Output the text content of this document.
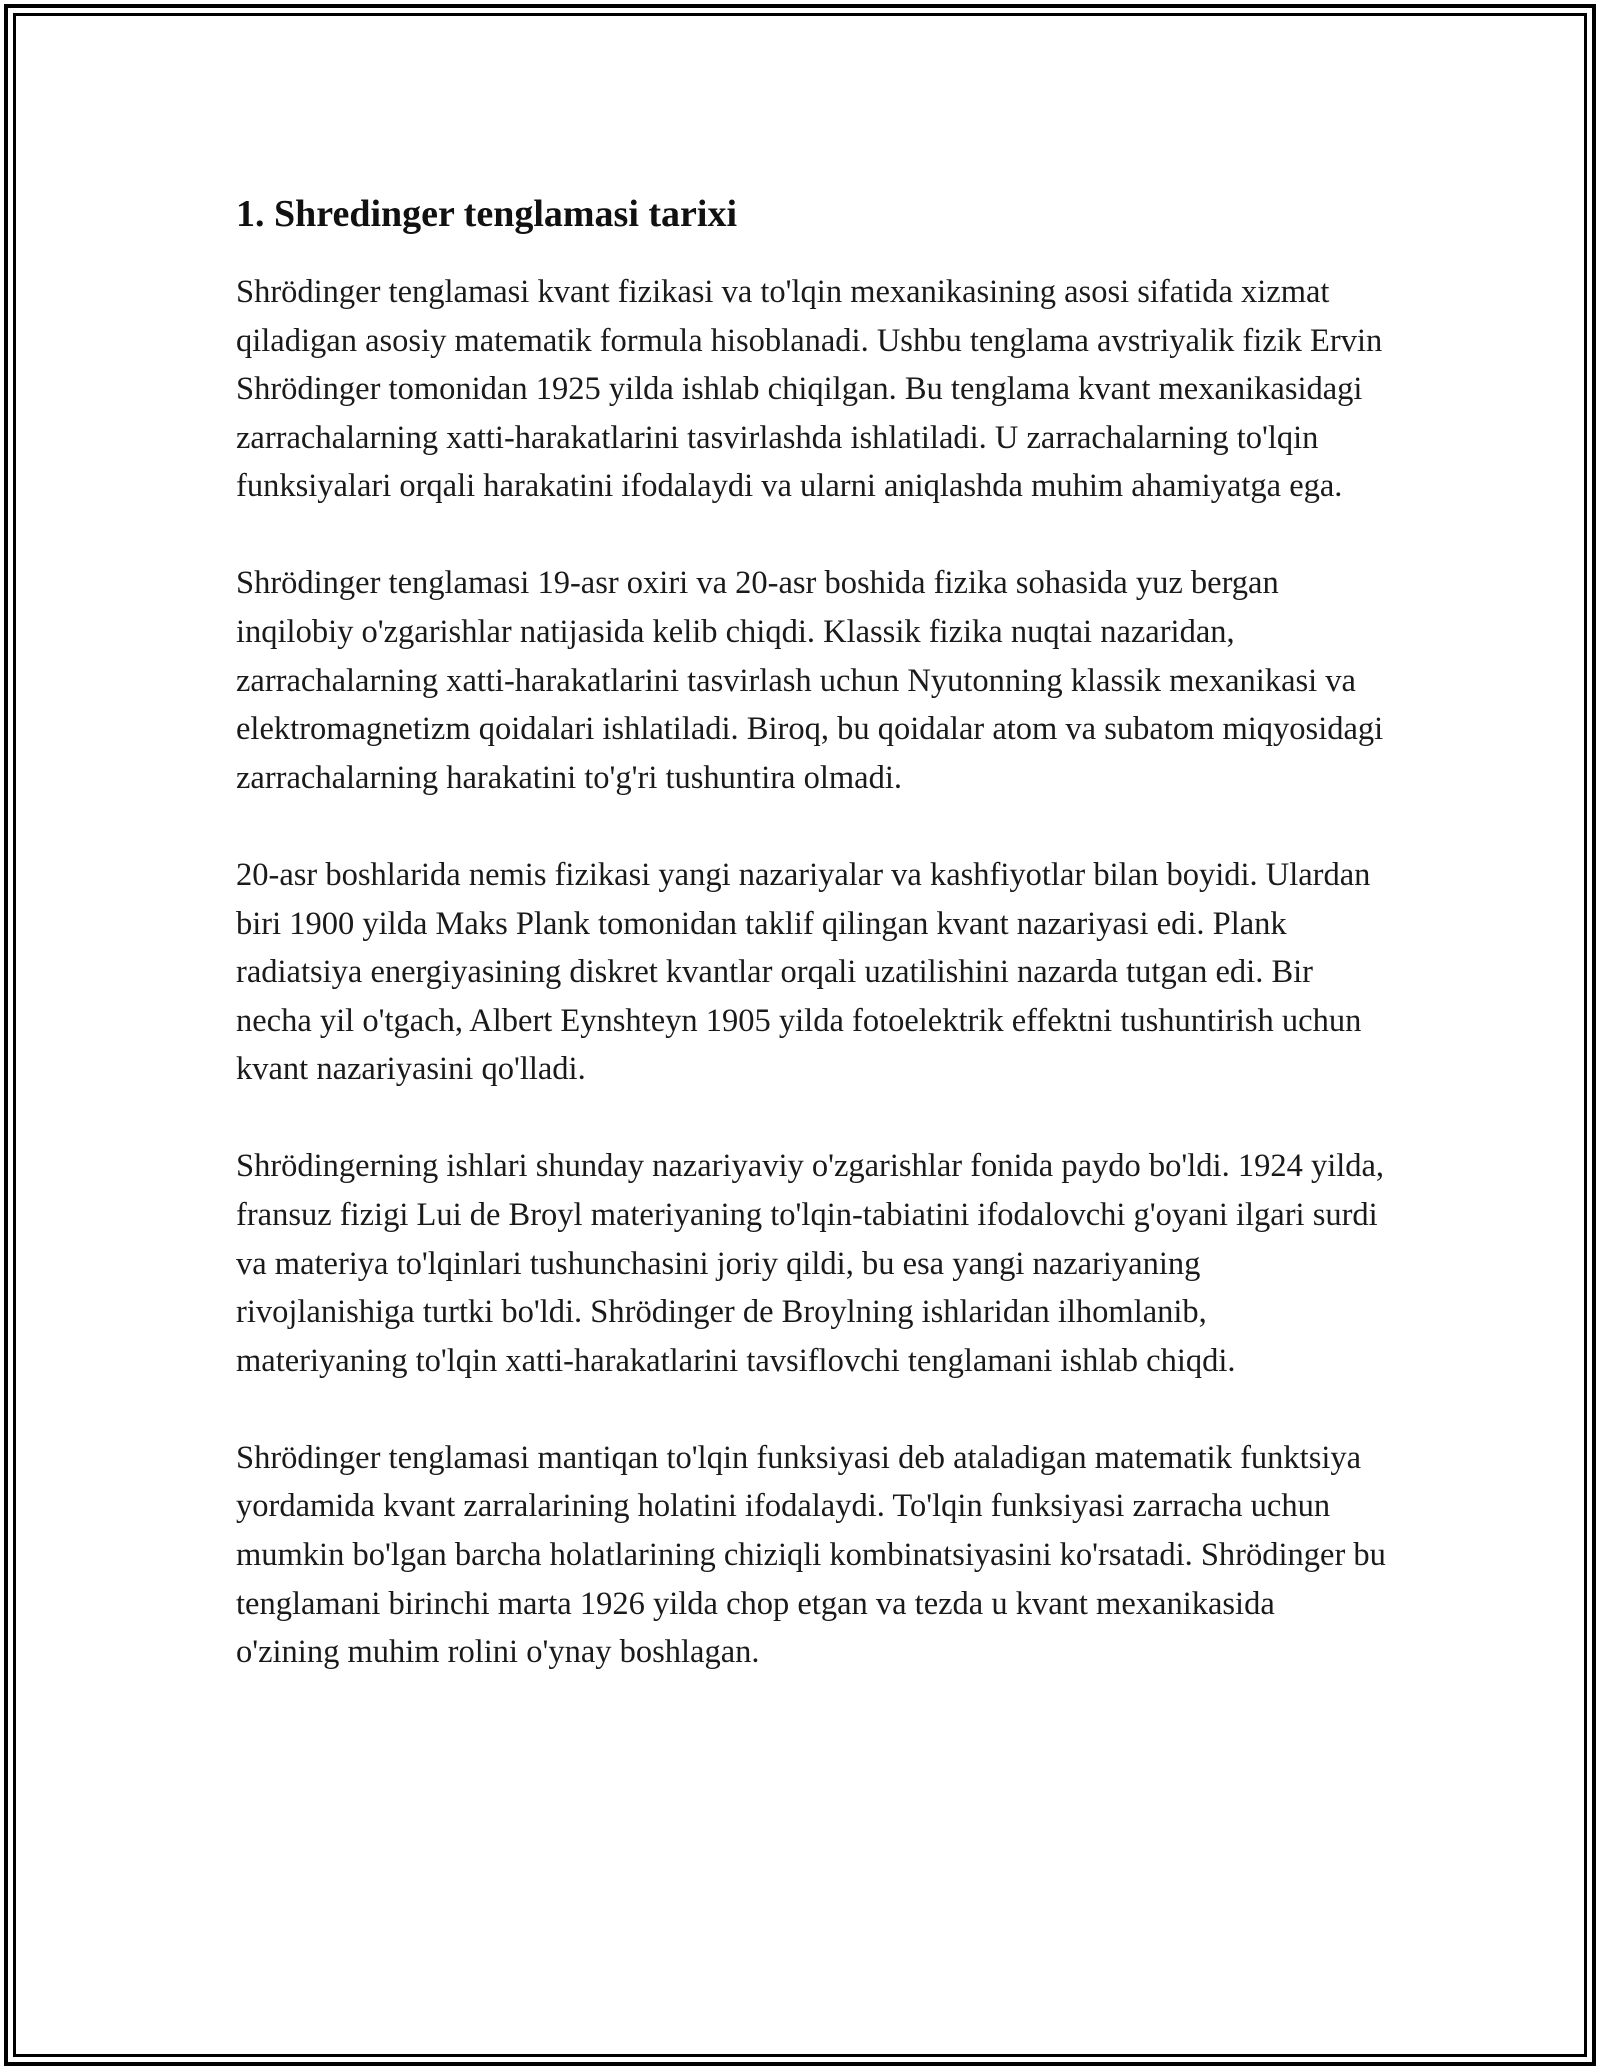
1. Shredinger tenglamasi tarixi

Shrödinger tenglamasi kvant fizikasi va to'lqin mexanikasining asosi sifatida xizmat qiladigan asosiy matematik formula hisoblanadi. Ushbu tenglama avstriyalik fizik Ervin Shrödinger tomonidan 1925 yilda ishlab chiqilgan. Bu tenglama kvant mexanikasidagi zarrachalarning xatti-harakatlarini tasvirlashda ishlatiladi. U zarrachalarning to'lqin funksiyalari orqali harakatini ifodalaydi va ularni aniqlashda muhim ahamiyatga ega.

Shrödinger tenglamasi 19-asr oxiri va 20-asr boshida fizika sohasida yuz bergan inqilobiy o'zgarishlar natijasida kelib chiqdi. Klassik fizika nuqtai nazaridan, zarrachalarning xatti-harakatlarini tasvirlash uchun Nyutonning klassik mexanikasi va elektromagnetizm qoidalari ishlatiladi. Biroq, bu qoidalar atom va subatom miqyosidagi zarrachalarning harakatini to'g'ri tushuntira olmadi.

20-asr boshlarida nemis fizikasi yangi nazariyalar va kashfiyotlar bilan boyidi. Ulardan biri 1900 yilda Maks Plank tomonidan taklif qilingan kvant nazariyasi edi. Plank radiatsiya energiyasining diskret kvantlar orqali uzatilishini nazarda tutgan edi. Bir necha yil o'tgach, Albert Eynshteyn 1905 yilda fotoelektrik effektni tushuntirish uchun kvant nazariyasini qo'lladi.

Shrödingerning ishlari shunday nazariyaviy o'zgarishlar fonida paydo bo'ldi. 1924 yilda, fransuz fizigi Lui de Broyl materiyaning to'lqin-tabiatini ifodalovchi g'oyani ilgari surdi va materiya to'lqinlari tushunchasini joriy qildi, bu esa yangi nazariyaning rivojlanishiga turtki bo'ldi. Shrödinger de Broylning ishlaridan ilhomlanib, materiyaning to'lqin xatti-harakatlarini tavsiflovchi tenglamani ishlab chiqdi.

Shrödinger tenglamasi mantiqan to'lqin funksiyasi deb ataladigan matematik funktsiya yordamida kvant zarralarining holatini ifodalaydi. To'lqin funksiyasi zarracha uchun mumkin bo'lgan barcha holatlarining chiziqli kombinatsiyasini ko'rsatadi. Shrödinger bu tenglamani birinchi marta 1926 yilda chop etgan va tezda u kvant mexanikasida o'zining muhim rolini o'ynay boshlagan.
